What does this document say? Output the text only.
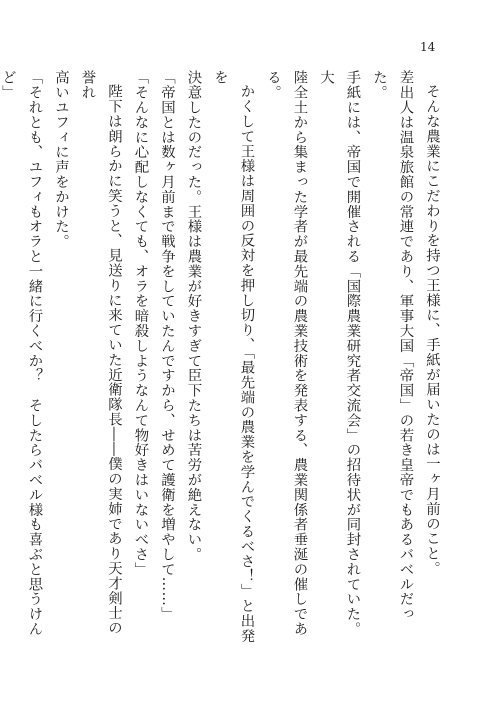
14
そんな農業にこだわりを持つ王様に、手紙が届いたのは一ヶ月前のこと。
差出人は温泉旅館の常連であり、軍事大国「帝国」の若き皇帝でもあるバベルだった。
手紙には、帝国で開催される「国際農業研究者交流会」の招待状が同封されていた。大
陸全土から集まった学者が最先端の農業技術を発表する、農業関係者垂涎の催しである。
かくして王様は周囲の反対を押し切り、「最先端の農業を学んでくるべさ！」と出発を
決意したのだった。王様は農業が好きすぎて臣下たちは苦労が絶えない。
「帝国とは数ヶ月前まで戦争をしていたんですから、せめて護衛を増やして……」
「そんなに心配しなくても、オラを暗殺しようなんて物好きはいないべさ」
陛下は朗らかに笑うと、見送りに来ていた近衛隊長――僕の実姉であり天才剣士の誉れ
高いユフィに声をかけた。
「それとも、ユフィもオラと一緒に行くべか？　そしたらバベル様も喜ぶと思うけんど」
